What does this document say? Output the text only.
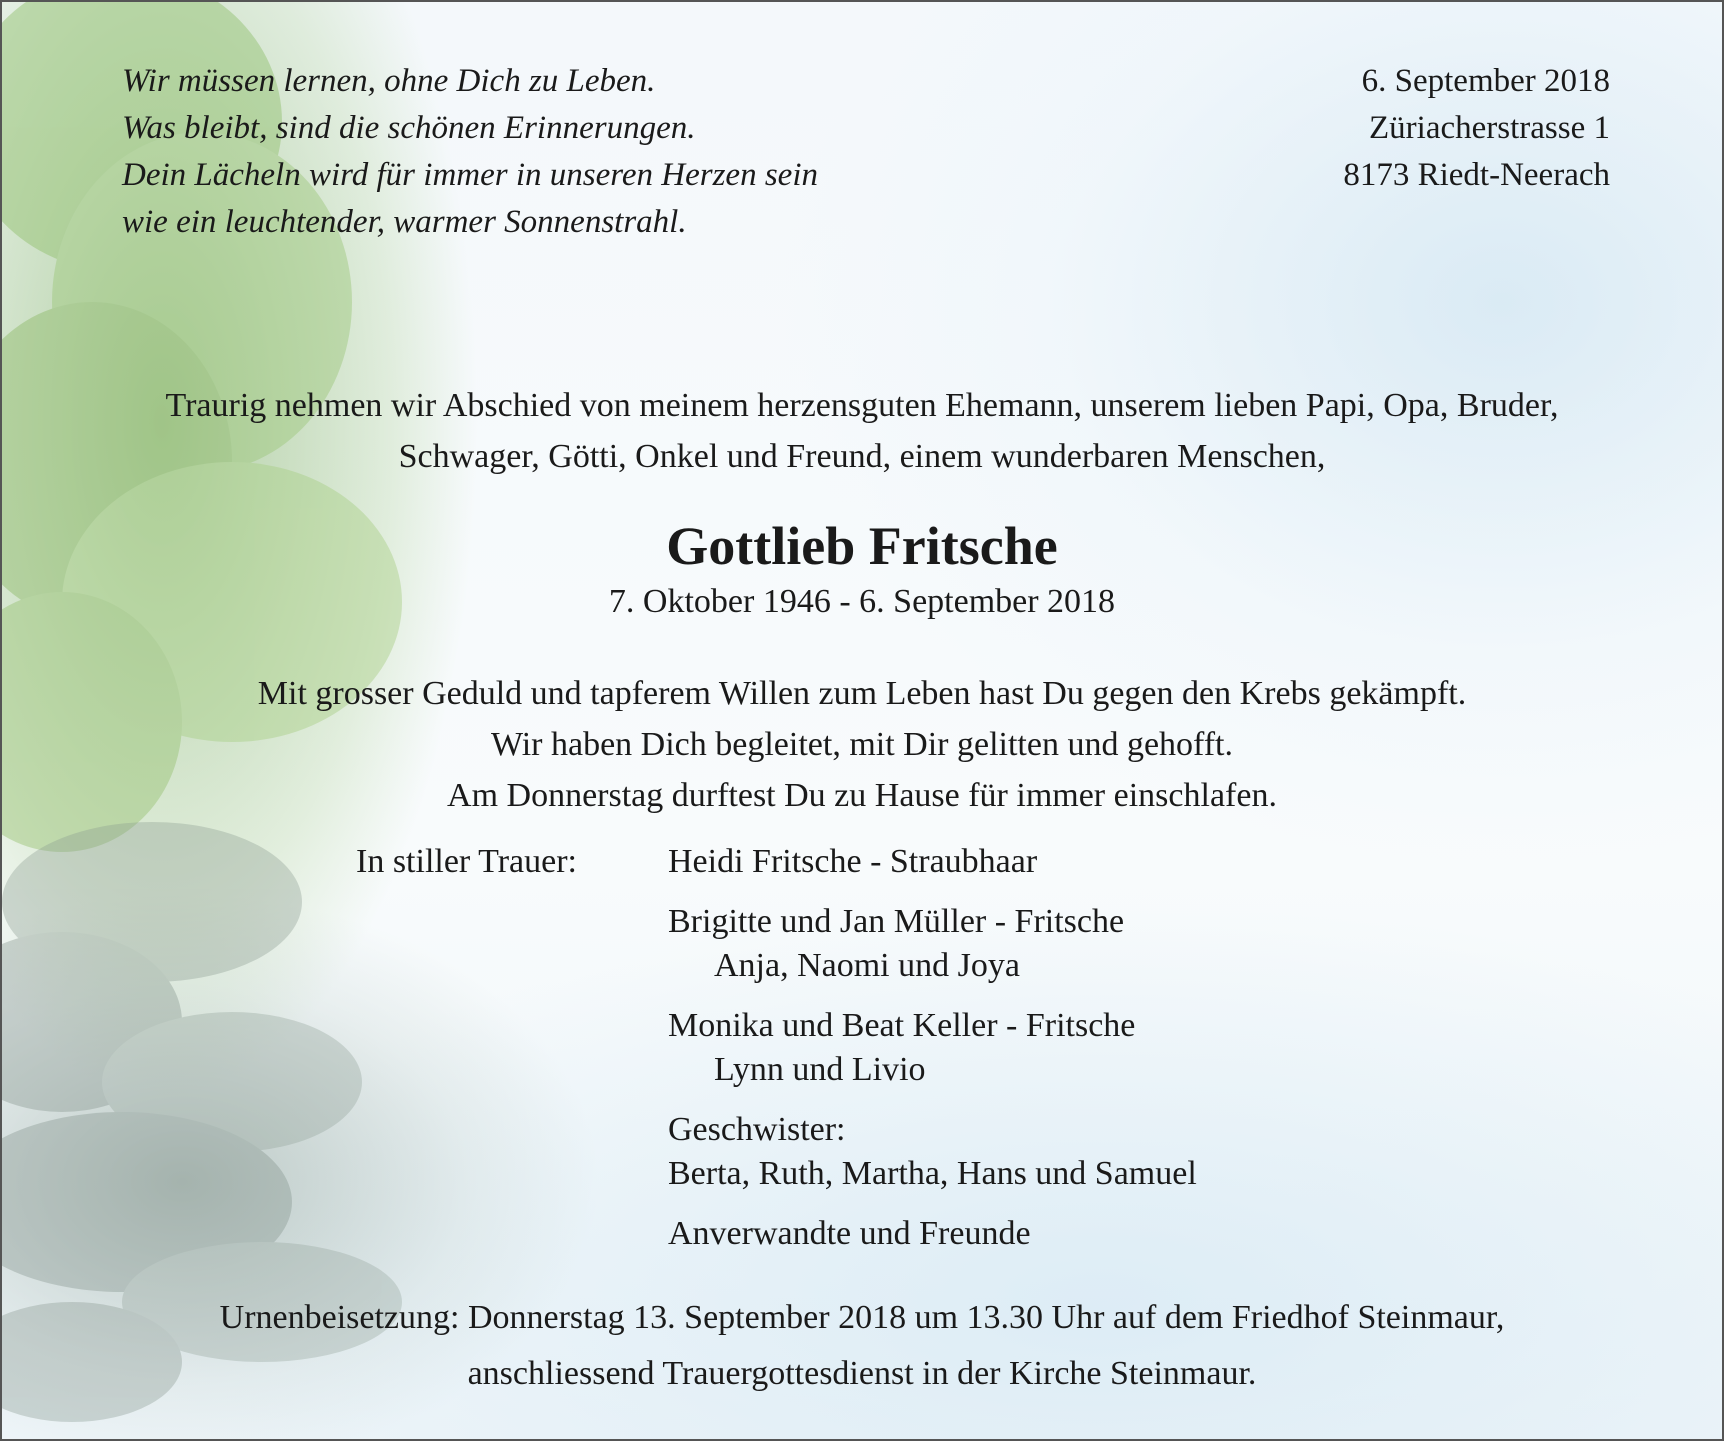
Wir müssen lernen, ohne Dich zu Leben.
Was bleibt, sind die schönen Erinnerungen.
Dein Lächeln wird für immer in unseren Herzen sein
wie ein leuchtender, warmer Sonnenstrahl.
6. September 2018
Züriacherstrasse 1
8173 Riedt-Neerach
Traurig nehmen wir Abschied von meinem herzensguten Ehemann, unserem lieben Papi, Opa, Bruder,
Schwager, Götti, Onkel und Freund, einem wunderbaren Menschen,
Gottlieb Fritsche
7. Oktober 1946 - 6. September 2018
Mit grosser Geduld und tapferem Willen zum Leben hast Du gegen den Krebs gekämpft.
Wir haben Dich begleitet, mit Dir gelitten und gehofft.
Am Donnerstag durftest Du zu Hause für immer einschlafen.
In stiller Trauer:	Heidi Fritsche - Straubhaar
Brigitte und Jan Müller - Fritsche
Anja, Naomi und Joya
Monika und Beat Keller - Fritsche
Lynn und Livio
Geschwister:
Berta, Ruth, Martha, Hans und Samuel
Anverwandte und Freunde
Urnenbeisetzung: Donnerstag 13. September 2018 um 13.30 Uhr auf dem Friedhof Steinmaur,
anschliessend Trauergottesdienst in der Kirche Steinmaur.
